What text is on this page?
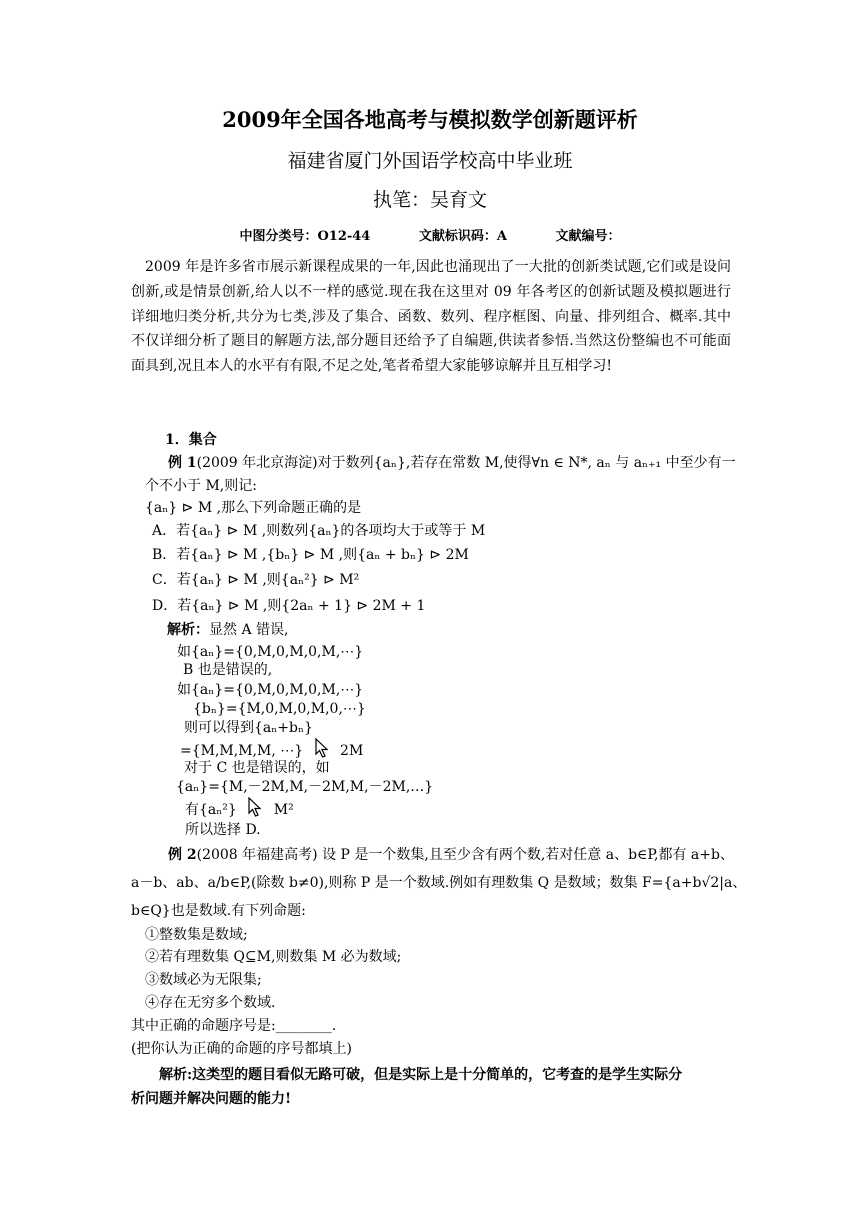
2009年全国各地高考与模拟数学创新题评析
福建省厦门外国语学校高中毕业班
执笔：吴育文
中图分类号：O12-44	文献标识码：A	文献编号：

2009 年是许多省市展示新课程成果的一年,因此也涌现出了一大批的创新类试题,它们或是设问创新,或是情景创新,给人以不一样的感觉.现在我在这里对 09 年各考区的创新试题及模拟题进行详细地归类分析,共分为七类,涉及了集合、函数、数列、程序框图、向量、排列组合、概率.其中不仅详细分析了题目的解题方法,部分题目还给予了自编题,供读者参悟.当然这份整编也不可能面面具到,况且本人的水平有有限,不足之处,笔者希望大家能够谅解并且互相学习!

1．集合
例 1(2009 年北京海淀)对于数列{aₙ},若存在常数 M,使得∀n ∈ N*, aₙ 与 aₙ₊₁ 中至少有一
个不小于 M,则记:
{aₙ} ⊳ M ,那么下列命题正确的是
A．若{aₙ} ⊳ M ,则数列{aₙ}的各项均大于或等于 M
B．若{aₙ} ⊳ M ,{bₙ} ⊳ M ,则{aₙ + bₙ} ⊳ 2M
C．若{aₙ} ⊳ M ,则{aₙ²} ⊳ M²
D．若{aₙ} ⊳ M ,则{2aₙ + 1} ⊳ 2M + 1
解析：显然 A 错误,
如{aₙ}={0,M,0,M,0,M,⋯}
B 也是错误的,
如{aₙ}={0,M,0,M,0,M,⋯}
{bₙ}={M,0,M,0,M,0,⋯}
则可以得到{aₙ+bₙ}
={M,M,M,M, ⋯}	2M
对于 C 也是错误的，如
{aₙ}={M,－2M,M,－2M,M,－2M,…}
有{aₙ²}	M²
所以选择 D.
例 2(2008 年福建高考) 设 P 是一个数集,且至少含有两个数,若对任意 a、b∈P,都有 a+b、
a－b、ab、a/b∈P,(除数 b≠0),则称 P 是一个数域.例如有理数集 Q 是数域；数集 F={a+b√2|a、
b∈Q}也是数域.有下列命题:
①整数集是数域;
②若有理数集 Q⊆M,则数集 M 必为数域;
③数域必为无限集;
④存在无穷多个数域.
其中正确的命题序号是:________.
(把你认为正确的命题的序号都填上)
解析:这类型的题目看似无路可破，但是实际上是十分简单的，它考查的是学生实际分
析问题并解决问题的能力!
